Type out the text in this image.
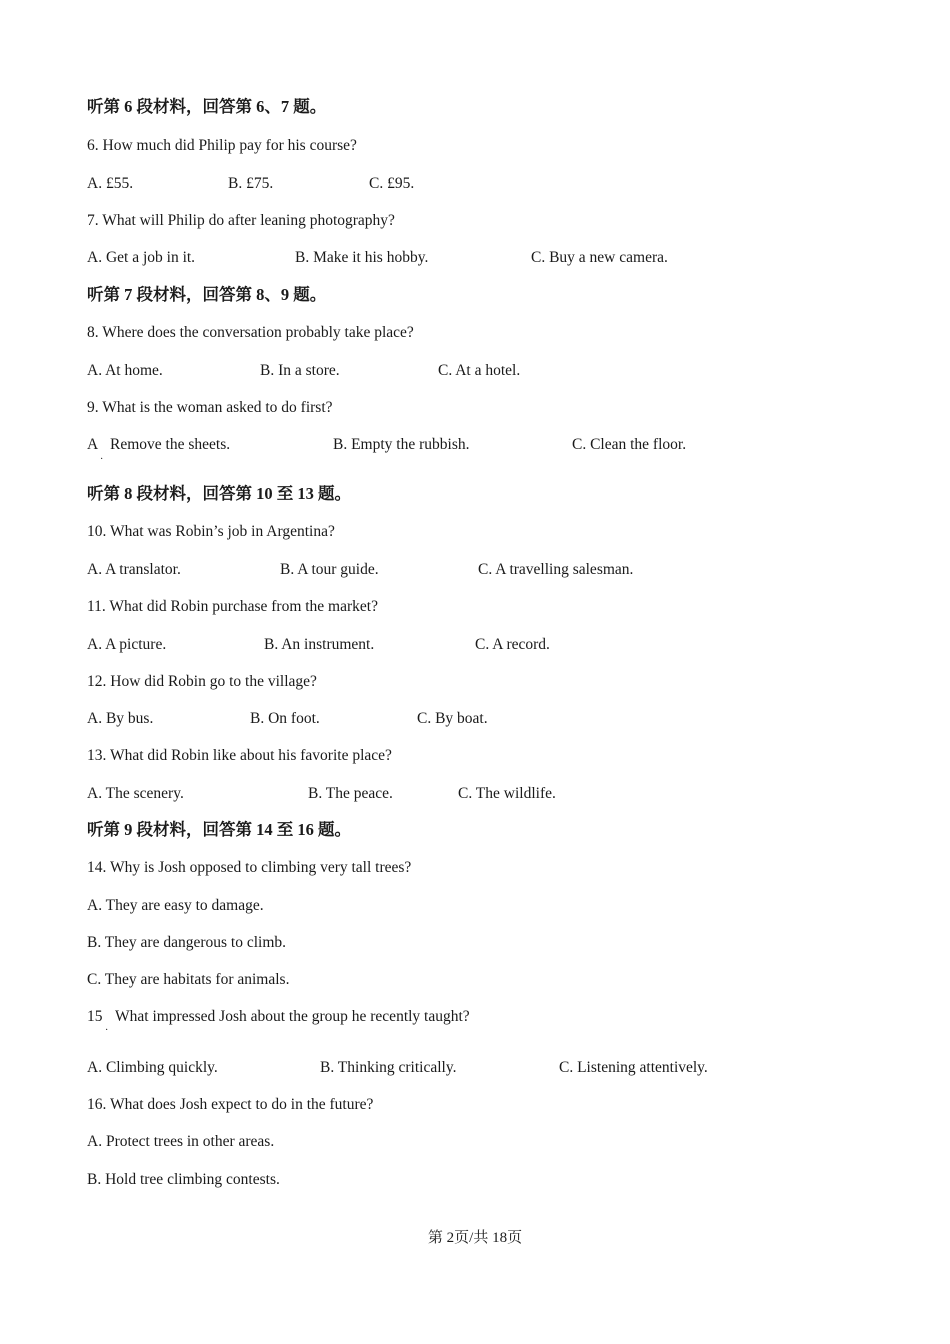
听第 6 段材料，回答第 6、7 题。
6. How much did Philip pay for his course?
A. £55.	B. £75.	C. £95.
7. What will Philip do after leaning photography?
A. Get a job in it.	B. Make it his hobby.	C. Buy a new camera.
听第 7 段材料，回答第 8、9 题。
8. Where does the conversation probably take place?
A. At home.	B. In a store.	C. At a hotel.
9. What is the woman asked to do first?
A Remove the sheets.	B. Empty the rubbish.	C. Clean the floor.
·
听第 8 段材料，回答第 10 至 13 题。
10. What was Robin’s job in Argentina?
A. A translator.	B. A tour guide.	C. A travelling salesman.
11. What did Robin purchase from the market?
A. A picture.	B. An instrument.	C. A record.
12. How did Robin go to the village?
A. By bus.	B. On foot.	C. By boat.
13. What did Robin like about his favorite place?
A. The scenery.	B. The peace.	C. The wildlife.
听第 9 段材料，回答第 14 至 16 题。
14. Why is Josh opposed to climbing very tall trees?
A. They are easy to damage.
B. They are dangerous to climb.
C. They are habitats for animals.
15 What impressed Josh about the group he recently taught?
·
A. Climbing quickly.	B. Thinking critically.	C. Listening attentively.
16. What does Josh expect to do in the future?
A. Protect trees in other areas.
B. Hold tree climbing contests.
第 2页/共 18页
